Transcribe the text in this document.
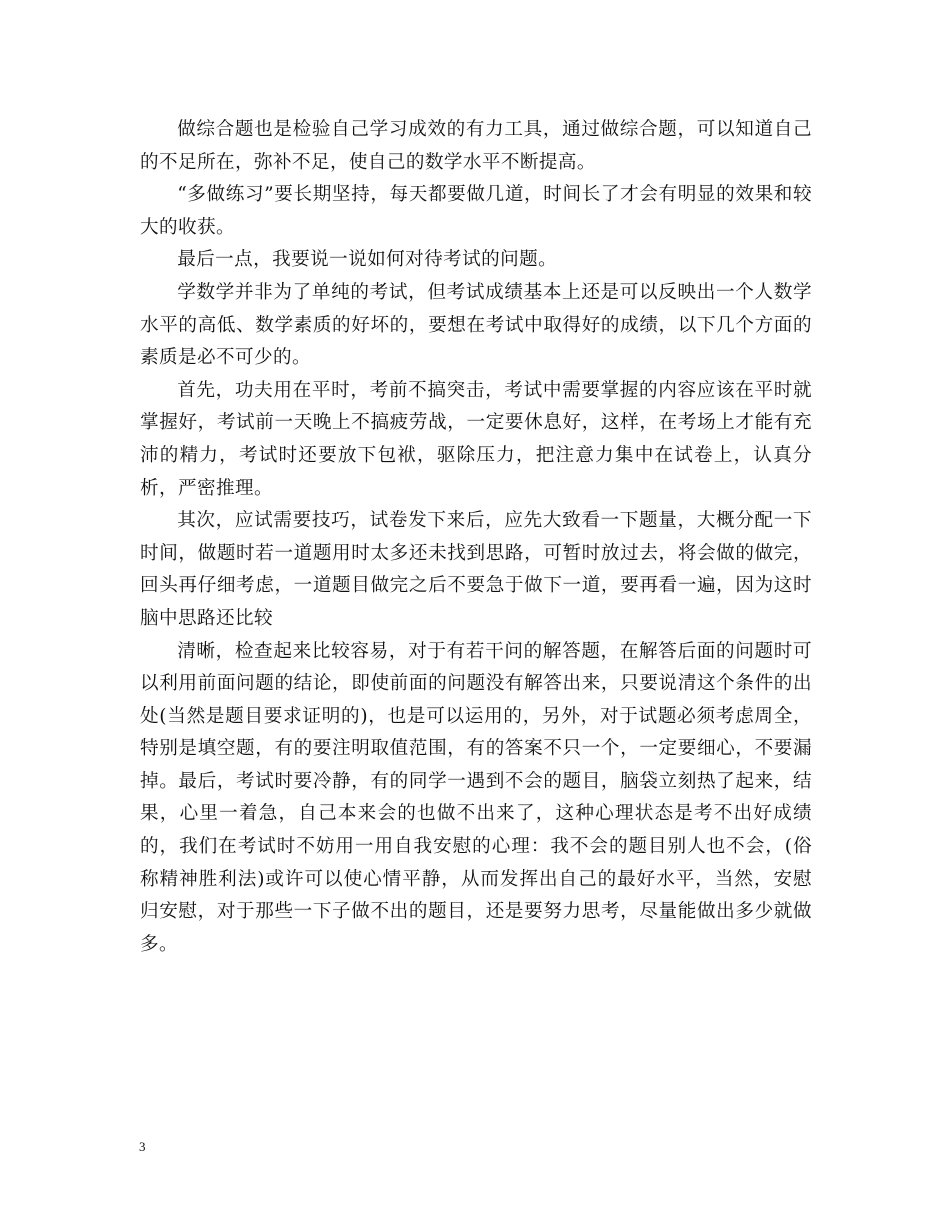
做综合题也是检验自己学习成效的有力工具，通过做综合题，可以知道自己的不足所在，弥补不足，使自己的数学水平不断提高。

“多做练习”要长期坚持，每天都要做几道，时间长了才会有明显的效果和较大的收获。

最后一点，我要说一说如何对待考试的问题。

学数学并非为了单纯的考试，但考试成绩基本上还是可以反映出一个人数学水平的高低、数学素质的好坏的，要想在考试中取得好的成绩，以下几个方面的素质是必不可少的。

首先，功夫用在平时，考前不搞突击，考试中需要掌握的内容应该在平时就掌握好，考试前一天晚上不搞疲劳战，一定要休息好，这样，在考场上才能有充沛的精力，考试时还要放下包袱，驱除压力，把注意力集中在试卷上，认真分析，严密推理。

其次，应试需要技巧，试卷发下来后，应先大致看一下题量，大概分配一下时间，做题时若一道题用时太多还未找到思路，可暂时放过去，将会做的做完，回头再仔细考虑，一道题目做完之后不要急于做下一道，要再看一遍，因为这时脑中思路还比较

清晰，检查起来比较容易，对于有若干问的解答题，在解答后面的问题时可以利用前面问题的结论，即使前面的问题没有解答出来，只要说清这个条件的出处(当然是题目要求证明的)，也是可以运用的，另外，对于试题必须考虑周全，特别是填空题，有的要注明取值范围，有的答案不只一个，一定要细心，不要漏掉。最后，考试时要冷静，有的同学一遇到不会的题目，脑袋立刻热了起来，结果，心里一着急，自己本来会的也做不出来了，这种心理状态是考不出好成绩的，我们在考试时不妨用一用自我安慰的心理：我不会的题目别人也不会，(俗称精神胜利法)或许可以使心情平静，从而发挥出自己的最好水平，当然，安慰归安慰，对于那些一下子做不出的题目，还是要努力思考，尽量能做出多少就做多。

3
